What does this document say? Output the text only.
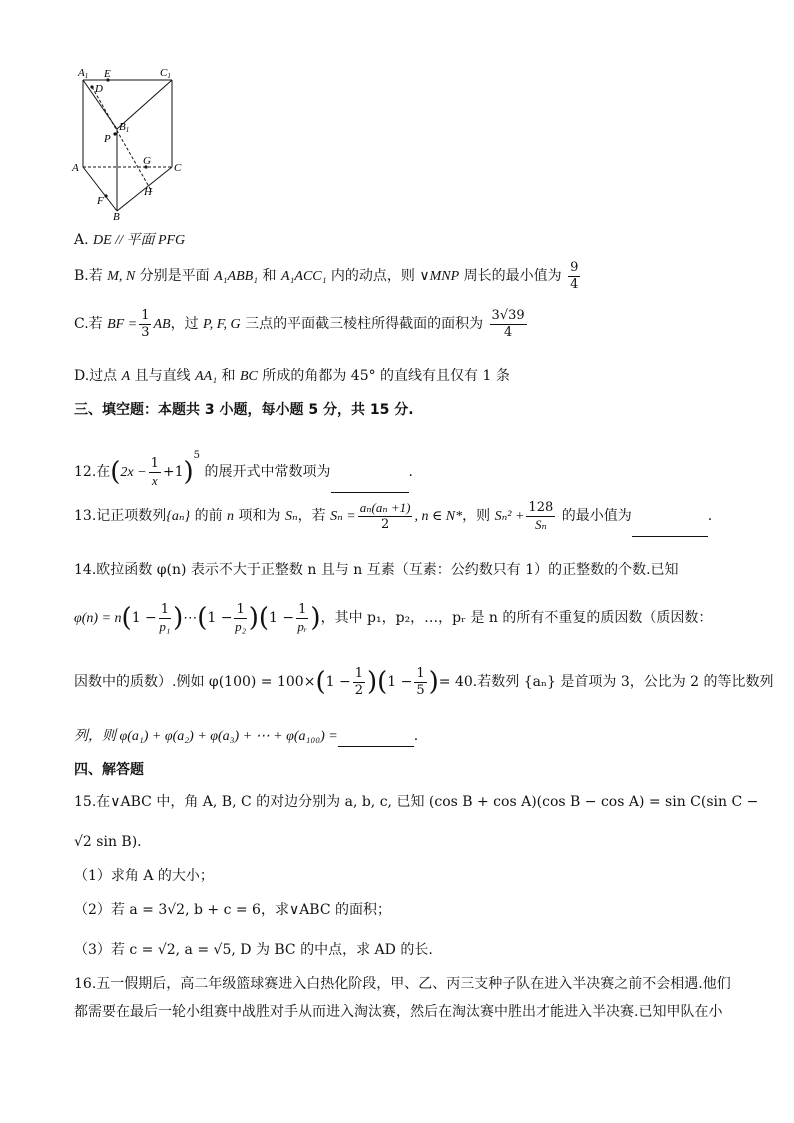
A1 E	C1
D
B1
P
A
G
C
H
F
B
A. DE // 平面 PFG
B.若 M, N 分别是平面 A₁ABB₁ 和 A₁ACC₁ 内的动点，则 ∨MNP 周长的最小值为 $\frac{9}{4}$
C.若 BF = $\frac{1}{3}$ AB，过 P, F, G 三点的平面截三棱柱所得截面的面积为 $\frac{3√39}{4}$
D.过点 A 且与直线 AA₁ 和 BC 所成的角都为 45° 的直线有且仅有 1 条
三、填空题：本题共 3 小题，每小题 5 分，共 15 分.
12.在$(2x - \frac{1}{x} +1)^5$ 的展开式中常数项为	.
13.记正项数列{aₙ} 的前 n 项和为 Sₙ，若 $S_n = \frac{\text{aₙ(aₙ +1)}}{2}$ , n ∈ N*，则 $S_n^2 + \frac{128}{\text{Sₙ}}$ 的最小值为	.
14.欧拉函数 φ(n) 表示不大于正整数 n 且与 n 互素（互素：公约数只有 1）的正整数的个数.已知
$\varphi(n) = n(1 - \frac{1}{\text{p₁}}$ )⋯(1 − $\frac{1}{\text{p₂}} )(1 - \frac{1}{\text{pᵣ}}$ )，其中 p₁，p₂，…，pᵣ 是 n 的所有不重复的质因数（质因数：
因数中的质数）.例如 $\varphi(100) = 100\times(1 - \frac{1}{2} )(1 - \frac{1}{5}$ )= 40.若数列 {aₙ} 是首项为 3，公比为 2 的等比数列
列，则 φ(a₁) + φ(a₂) + φ(a₃) + ⋯ + φ(a₁₀₀) =	.
四、解答题
15.在∨ABC 中，角 A, B, C 的对边分别为 a, b, c, 已知 (cos B + cos A)(cos B − cos A) = sin C(sin C −
√2 sin B).
（1）求角 A 的大小；
（2）若 a = 3√2, b + c = 6，求∨ABC 的面积；
（3）若 c = √2, a = √5, D 为 BC 的中点，求 AD 的长.
16.五一假期后，高二年级篮球赛进入白热化阶段，甲、乙、丙三支种子队在进入半决赛之前不会相遇.他们
都需要在最后一轮小组赛中战胜对手从而进入淘汰赛，然后在淘汰赛中胜出才能进入半决赛.已知甲队在小
